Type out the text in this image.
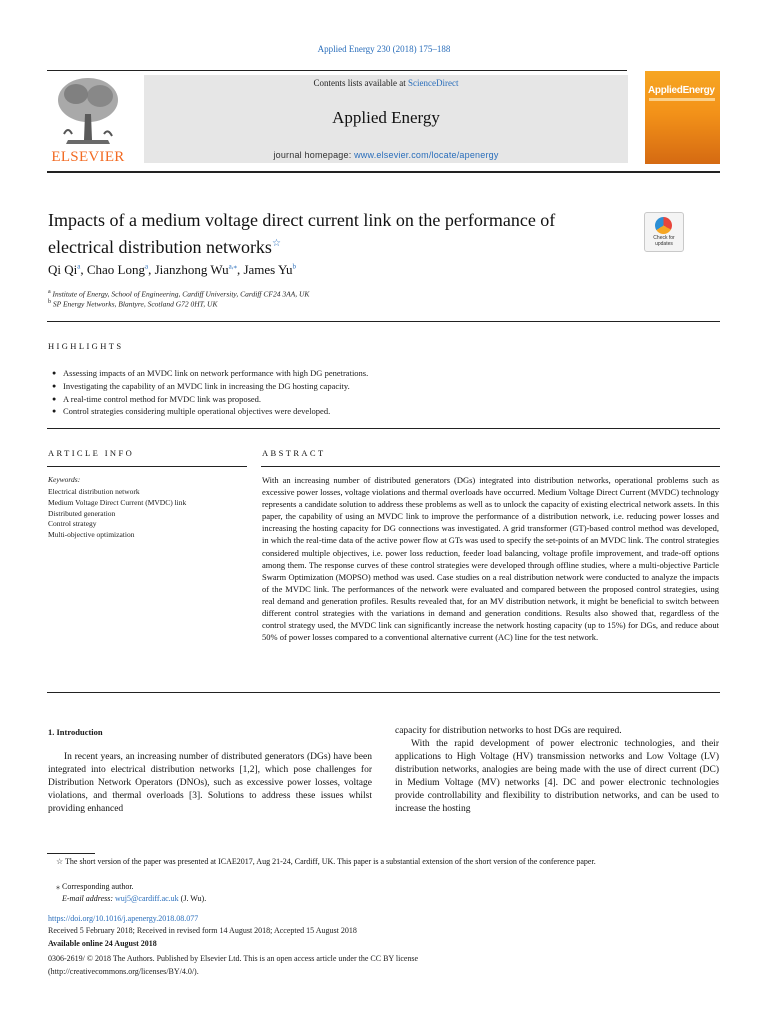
Applied Energy 230 (2018) 175–188
ELSEVIER
Contents lists available at ScienceDirect
Applied Energy
journal homepage: www.elsevier.com/locate/apenergy
AppliedEnergy
Impacts of a medium voltage direct current link on the performance of electrical distribution networks☆	Check for updates
Qi Qi$^a$, Chao Long$^a$, Jianzhong $Wu^{a,⁎}$, James Yu$^b$
$^a$ Institute of Energy, School of Engineering, Cardiff University, Cardiff CF24 3AA, UK
$^b$ SP Energy Networks, Blantyre, Scotland G72 0HT, UK
HIGHLIGHTS
● Assessing impacts of an MVDC link on network performance with high DG penetrations.
● Investigating the capability of an MVDC link in increasing the DG hosting capacity.
● A real-time control method for MVDC link was proposed.
● Control strategies considering multiple operational objectives were developed.
ARTICLE INFO	ABSTRACT
Keywords:
Electrical distribution network
Medium Voltage Direct Current (MVDC) link
Distributed generation
Control strategy
Multi-objective optimization

With an increasing number of distributed generators (DGs) integrated into distribution networks, operational problems such as excessive power losses, voltage violations and thermal overloads have occurred. Medium Voltage Direct Current (MVDC) technology represents a candidate solution to address these problems as well as to unlock the capacity of existing electrical network assets. In this paper, the capability of using an MVDC link to improve the performance of a distribution network, i.e. reducing power losses and increasing the hosting capacity for DG connections was investigated. A grid transformer (GT)-based control method was developed, in which the real-time data of the active power flow at GTs was used to specify the set-points of an MVDC link. The control strategies considered multiple objectives, i.e. power loss reduction, feeder load balancing, voltage profile improvement, and trade-off options among them. The response curves of these control strategies were developed through offline studies, where a multi-objective Particle Swarm Optimization (MOPSO) method was used. Case studies on a real distribution network were conducted to analyze the impacts of the MVDC link. The performances of the network were evaluated and compared between the proposed control strategies, using real demand and generation profiles. Results revealed that, for an MV distribution network, it might be beneficial to switch between different control strategies with the variations in demand and generation conditions. Results also showed that, regardless of the control strategy used, the MVDC link can significantly increase the network hosting capacity (up to 15%) for DGs, and reduce about 50% of power losses compared to a conventional alternative current (AC) line for the test network.

1. Introduction

In recent years, an increasing number of distributed generators (DGs) have been integrated into electrical distribution networks [1,2], which pose challenges for Distribution Network Operators (DNOs), such as excessive power losses, voltage violations, and thermal overloads [3]. Solutions to address these issues whilst providing enhanced

capacity for distribution networks to host DGs are required.

With the rapid development of power electronic technologies, and their applications to High Voltage (HV) transmission networks and Low Voltage (LV) distribution networks, analogies are being made with the use of direct current (DC) in Medium Voltage (MV) networks [4]. DC and power electronic technologies provide controllability and flexibility to distribution networks, and can be used to increase the hosting

☆ The short version of the paper was presented at ICAE2017, Aug 21-24, Cardiff, UK. This paper is a substantial extension of the short version of the conference paper.

⁎ Corresponding author.

E-mail address: wuj5@cardiff.ac.uk (J. Wu).

https://doi.org/10.1016/j.apenergy.2018.08.077
Received 5 February 2018; Received in revised form 14 August 2018; Accepted 15 August 2018
Available online 24 August 2018
0306-2619/ © 2018 The Authors. Published by Elsevier Ltd. This is an open access article under the CC BY license (http://creativecommons.org/licenses/BY/4.0/).
